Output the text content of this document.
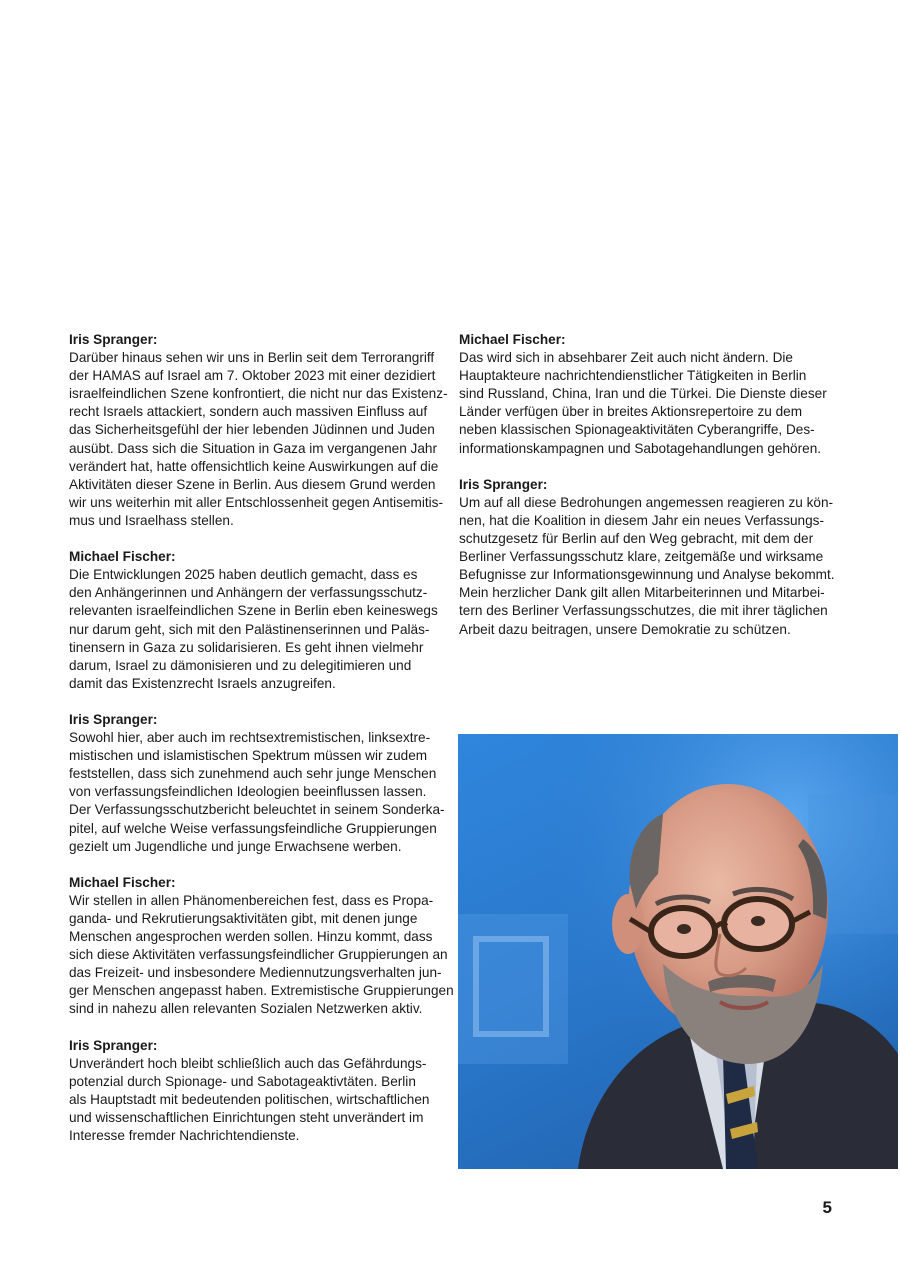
Iris Spranger:
Darüber hinaus sehen wir uns in Berlin seit dem Terrorangriff
der HAMAS auf Israel am 7. Oktober 2023 mit einer dezidiert
israelfeindlichen Szene konfrontiert, die nicht nur das Existenz-
recht Israels attackiert, sondern auch massiven Einfluss auf
das Sicherheitsgefühl der hier lebenden Jüdinnen und Juden
ausübt. Dass sich die Situation in Gaza im vergangenen Jahr
verändert hat, hatte offensichtlich keine Auswirkungen auf die
Aktivitäten dieser Szene in Berlin. Aus diesem Grund werden
wir uns weiterhin mit aller Entschlossenheit gegen Antisemitis-
mus und Israelhass stellen.
Michael Fischer:
Die Entwicklungen 2025 haben deutlich gemacht, dass es
den Anhängerinnen und Anhängern der verfassungsschutz-
relevanten israelfeindlichen Szene in Berlin eben keineswegs
nur darum geht, sich mit den Palästinenserinnen und Paläs-
tinensern in Gaza zu solidarisieren. Es geht ihnen vielmehr
darum, Israel zu dämonisieren und zu delegitimieren und
damit das Existenzrecht Israels anzugreifen.
Iris Spranger:
Sowohl hier, aber auch im rechtsextremistischen, linksextre-
mistischen und islamistischen Spektrum müssen wir zudem
feststellen, dass sich zunehmend auch sehr junge Menschen
von verfassungsfeindlichen Ideologien beeinflussen lassen.
Der Verfassungsschutzbericht beleuchtet in seinem Sonderka-
pitel, auf welche Weise verfassungsfeindliche Gruppierungen
gezielt um Jugendliche und junge Erwachsene werben.
Michael Fischer:
Wir stellen in allen Phänomenbereichen fest, dass es Propa-
ganda- und Rekrutierungsaktivitäten gibt, mit denen junge
Menschen angesprochen werden sollen. Hinzu kommt, dass
sich diese Aktivitäten verfassungsfeindlicher Gruppierungen an
das Freizeit- und insbesondere Mediennutzungsverhalten jun-
ger Menschen angepasst haben. Extremistische Gruppierungen
sind in nahezu allen relevanten Sozialen Netzwerken aktiv.
Iris Spranger:
Unverändert hoch bleibt schließlich auch das Gefährdungs-
potenzial durch Spionage- und Sabotageaktivtäten. Berlin
als Hauptstadt mit bedeutenden politischen, wirtschaftlichen
und wissenschaftlichen Einrichtungen steht unverändert im
Interesse fremder Nachrichtendienste.
Michael Fischer:
Das wird sich in absehbarer Zeit auch nicht ändern. Die
Hauptakteure nachrichtendienstlicher Tätigkeiten in Berlin
sind Russland, China, Iran und die Türkei. Die Dienste dieser
Länder verfügen über in breites Aktionsrepertoire zu dem
neben klassischen Spionageaktivitäten Cyberangriffe, Des-
informationskampagnen und Sabotagehandlungen gehören.
Iris Spranger:
Um auf all diese Bedrohungen angemessen reagieren zu kön-
nen, hat die Koalition in diesem Jahr ein neues Verfassungs-
schutzgesetz für Berlin auf den Weg gebracht, mit dem der
Berliner Verfassungsschutz klare, zeitgemäße und wirksame
Befugnisse zur Informationsgewinnung und Analyse bekommt.
Mein herzlicher Dank gilt allen Mitarbeiterinnen und Mitarbei-
tern des Berliner Verfassungsschutzes, die mit ihrer täglichen
Arbeit dazu beitragen, unsere Demokratie zu schützen.
5
